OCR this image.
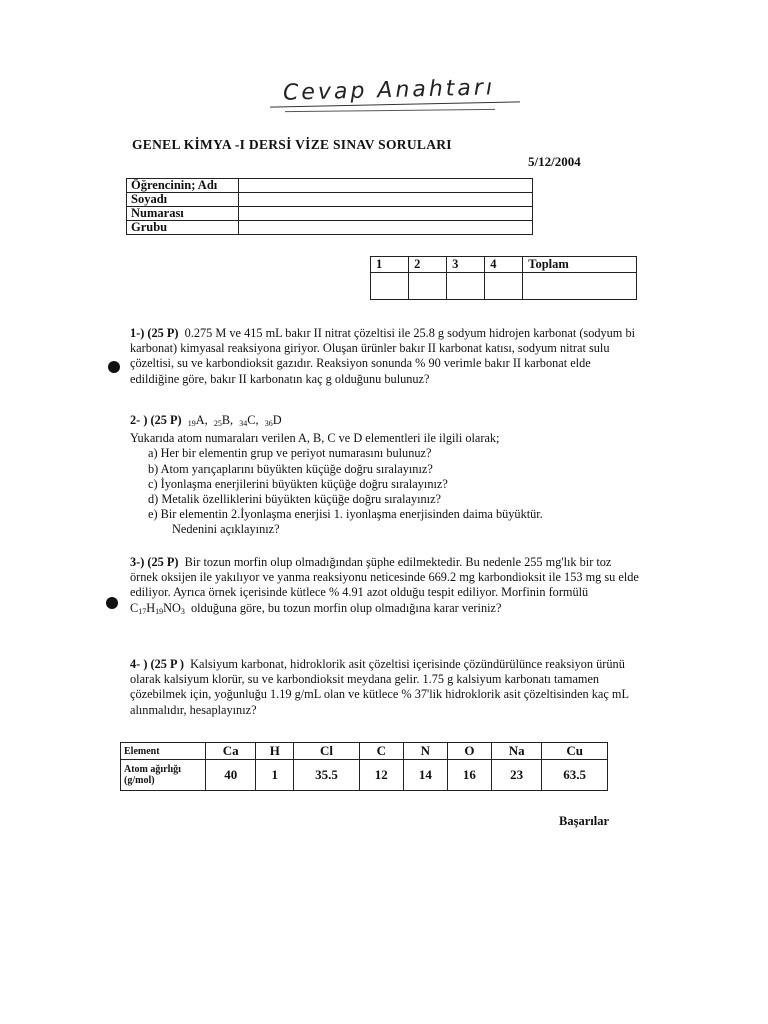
Cevap Anahtarı
GENEL KİMYA -I DERSİ VİZE SINAV SORULARI
5/12/2004
Öğrencinin; Adı	
Soyadı	
Numarası	
Grubu	
1	2	3	4	Toplam

1-) (25 P) 0.275 M ve 415 mL bakır II nitrat çözeltisi ile 25.8 g sodyum hidrojen karbonat (sodyum bi karbonat) kimyasal reaksiyona giriyor. Oluşan ürünler bakır II karbonat katısı, sodyum nitrat sulu çözeltisi, su ve karbondioksit gazıdır. Reaksiyon sonunda % 90 verimle bakır II karbonat elde edildiğine göre, bakır II karbonatın kaç g olduğunu bulunuz?

2- ) (25 P) 19A, 25B, 34C, 36D

Yukarıda atom numaraları verilen A, B, C ve D elementleri ile ilgili olarak;

a) Her bir elementin grup ve periyot numarasını bulunuz?
b) Atom yarıçaplarını büyükten küçüğe doğru sıralayınız?
c) İyonlaşma enerjilerini büyükten küçüğe doğru sıralayınız?
d) Metalik özelliklerini büyükten küçüğe doğru sıralayınız?
e) Bir elementin 2.İyonlaşma enerjisi 1. iyonlaşma enerjisinden daima büyüktür.
Nedenini açıklayınız?

3-) (25 P) Bir tozun morfin olup olmadığından şüphe edilmektedir. Bu nedenle 255 mg'lık bir toz örnek oksijen ile yakılıyor ve yanma reaksiyonu neticesinde 669.2 mg karbondioksit ile 153 mg su elde ediliyor. Ayrıca örnek içerisinde kütlece % 4.91 azot olduğu tespit ediliyor. Morfinin formülü  $C_{17}H_{19}NO_3$ olduğuna göre, bu tozun morfin olup olmadığına karar veriniz?

4- ) (25 P ) Kalsiyum karbonat, hidroklorik asit çözeltisi içerisinde çözündürülünce reaksiyon ürünü olarak kalsiyum klorür, su ve karbondioksit meydana gelir. 1.75 g kalsiyum karbonatı tamamen çözebilmek için, yoğunluğu 1.19 g/mL olan ve kütlece % 37'lik hidroklorik asit çözeltisinden kaç mL alınmalıdır, hesaplayınız?

Element	Ca	H	Cl	C	N	O	Na	Cu
Atom ağırlığı (g/mol)	40	1	35.5	12	14	16	23	63.5
Başarılar
